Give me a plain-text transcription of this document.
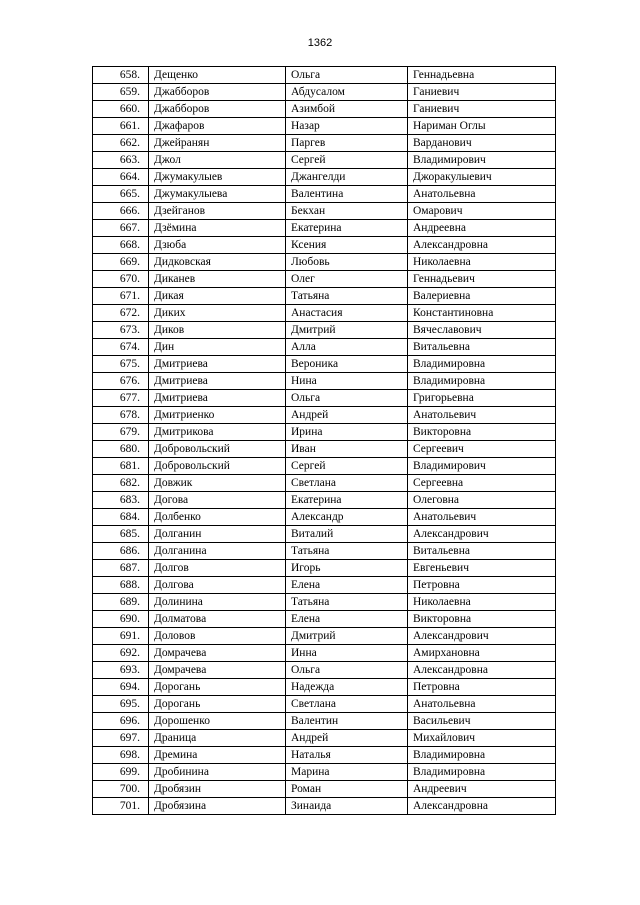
1362
658.	Дещенко	Ольга	Геннадьевна
659.	Джабборов	Абдусалом	Ганиевич
660.	Джабборов	Азимбой	Ганиевич
661.	Джафаров	Назар	Нариман Оглы
662.	Джейранян	Паргев	Варданович
663.	Джол	Сергей	Владимирович
664.	Джумакулыев	Джангелди	Джоракулыевич
665.	Джумакулыева	Валентина	Анатольевна
666.	Дзейганов	Бекхан	Омарович
667.	Дзёмина	Екатерина	Андреевна
668.	Дзюба	Ксения	Александровна
669.	Дидковская	Любовь	Николаевна
670.	Диканев	Олег	Геннадьевич
671.	Дикая	Татьяна	Валериевна
672.	Диких	Анастасия	Константиновна
673.	Диков	Дмитрий	Вячеславович
674.	Дин	Алла	Витальевна
675.	Дмитриева	Вероника	Владимировна
676.	Дмитриева	Нина	Владимировна
677.	Дмитриева	Ольга	Григорьевна
678.	Дмитриенко	Андрей	Анатольевич
679.	Дмитрикова	Ирина	Викторовна
680.	Добровольский	Иван	Сергеевич
681.	Добровольский	Сергей	Владимирович
682.	Довжик	Светлана	Сергеевна
683.	Догова	Екатерина	Олеговна
684.	Долбенко	Александр	Анатольевич
685.	Долганин	Виталий	Александрович
686.	Долганина	Татьяна	Витальевна
687.	Долгов	Игорь	Евгеньевич
688.	Долгова	Елена	Петровна
689.	Долинина	Татьяна	Николаевна
690.	Долматова	Елена	Викторовна
691.	Доловов	Дмитрий	Александрович
692.	Домрачева	Инна	Амирхановна
693.	Домрачева	Ольга	Александровна
694.	Дорогань	Надежда	Петровна
695.	Дорогань	Светлана	Анатольевна
696.	Дорошенко	Валентин	Васильевич
697.	Драница	Андрей	Михайлович
698.	Дремина	Наталья	Владимировна
699.	Дробинина	Марина	Владимировна
700.	Дробязин	Роман	Андреевич
701.	Дробязина	Зинаида	Александровна
